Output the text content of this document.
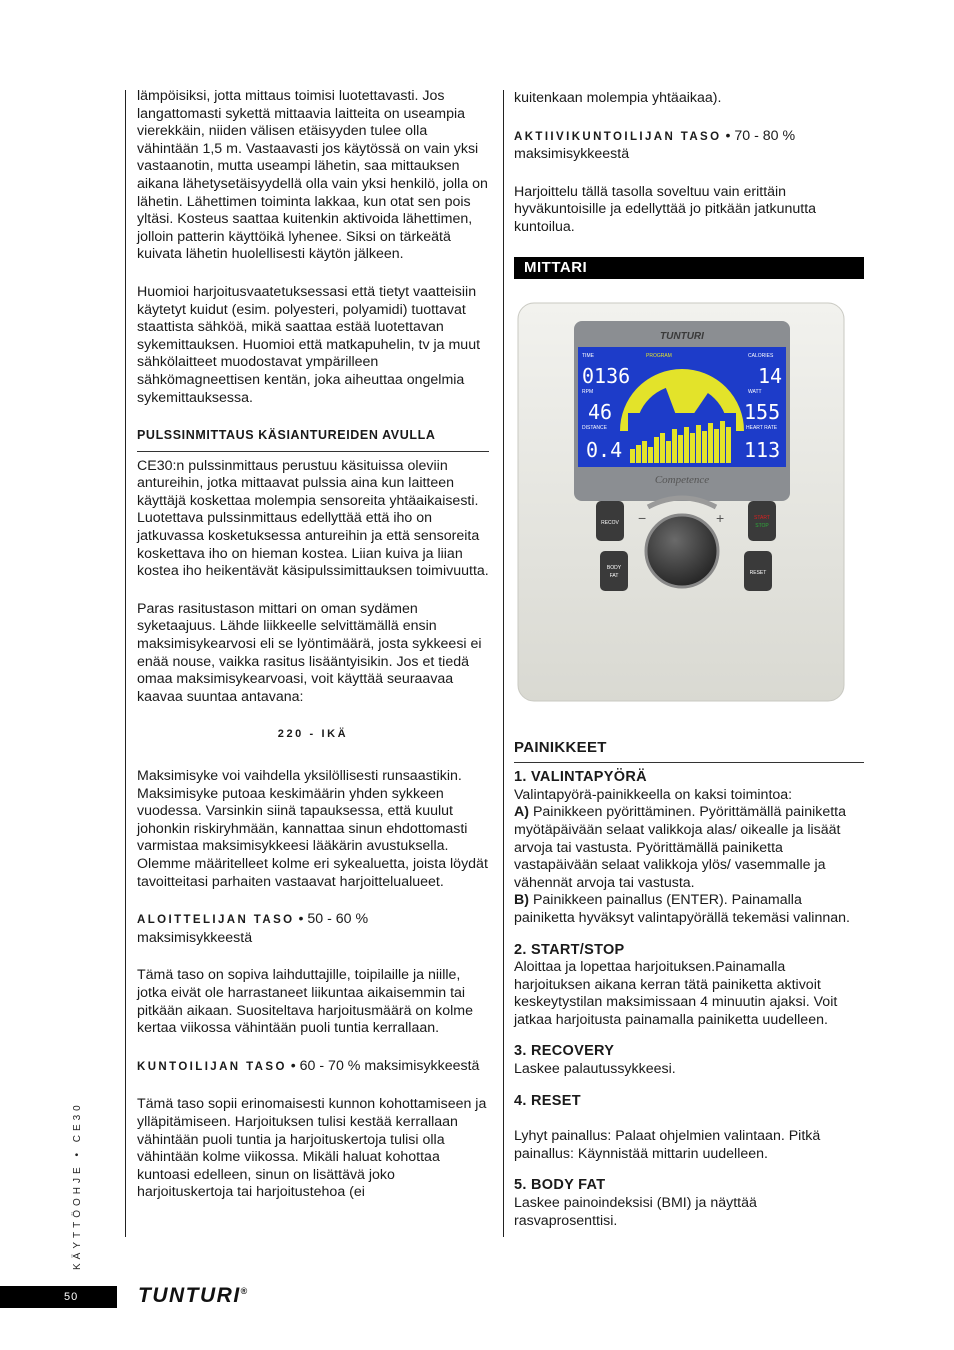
lämpöisiksi, jotta mittaus toimisi luotettavasti. Jos langattomasti sykettä mittaavia laitteita on useampia vierekkäin, niiden välisen etäisyyden tulee olla vähintään 1,5 m. Vastaavasti jos käytössä on vain yksi vastaanotin, mutta useampi lähetin, saa mittauksen aikana lähetysetäisyydellä olla vain yksi henkilö, jolla on lähetin. Lähettimen toiminta lakkaa, kun otat sen pois yltäsi. Kosteus saattaa kuitenkin aktivoida lähettimen, jolloin patterin käyttöikä lyhenee. Siksi on tärkeätä kuivata lähetin huolellisesti käytön jälkeen.

Huomioi harjoitusvaatetuksessasi että tietyt vaatteisiin käytetyt kuidut (esim. polyesteri, polyamidi) tuottavat staattista sähköä, mikä saattaa estää luotettavan sykemittauksen. Huomioi että matkapuhelin, tv ja muut sähkölaitteet muodostavat ympärilleen sähkömagneettisen kentän, joka aiheuttaa ongelmia sykemittauksessa.

PULSSINMITTAUS KÄSIANTUREIDEN AVULLA

CE30:n pulssinmittaus perustuu käsituissa oleviin antureihin, jotka mittaavat pulssia aina kun laitteen käyttäjä koskettaa molempia sensoreita yhtäaikaisesti. Luotettava pulssinmittaus edellyttää että iho on jatkuvassa kosketuksessa antureihin ja että sensoreita koskettava iho on hieman kostea. Liian kuiva ja liian kostea iho heikentävät käsipulssimittauksen toimivuutta.

Paras rasitustason mittari on oman sydämen syketaajuus. Lähde liikkeelle selvittämällä ensin maksimisykearvosi eli se lyöntimäärä, josta sykkeesi ei enää nouse, vaikka rasitus lisääntyisikin. Jos et tiedä omaa maksimisykearvoasi, voit käyttää seuraavaa kaavaa suuntaa antavana:

220 - IKÄ

Maksimisyke voi vaihdella yksilöllisesti runsaastikin. Maksimisyke putoaa keskimäärin yhden sykkeen vuodessa. Varsinkin siinä tapauksessa, että kuulut johonkin riskiryhmään, kannattaa sinun ehdottomasti varmistaa maksimisykkeesi lääkärin avustuksella. Olemme määritelleet kolme eri sykealuetta, joista löydät tavoitteitasi parhaiten vastaavat harjoittelualueet.

ALOITTELIJAN TASO • 50 - 60 %
maksimisykkeestä

Tämä taso on sopiva laihduttajille, toipilaille ja niille, jotka eivät ole harrastaneet liikuntaa aikaisemmin tai pitkään aikaan. Suositeltava harjoitusmäärä on kolme kertaa viikossa vähintään puoli tuntia kerrallaan.

KUNTOILIJAN TASO • 60 - 70 % maksimisykkeestä

Tämä taso sopii erinomaisesti kunnon kohottamiseen ja ylläpitämiseen. Harjoituksen tulisi kestää kerrallaan vähintään puoli tuntia ja harjoituskertoja tulisi olla vähintään kolme viikossa. Mikäli haluat kohottaa kuntoasi edelleen, sinun on lisättävä joko harjoituskertoja tai harjoitustehoa (ei

kuitenkaan molempia yhtäaikaa).

AKTIIVIKUNTOILIJAN TASO • 70 - 80 %
maksimisykkeestä

Harjoittelu tällä tasolla soveltuu vain erittäin hyväkuntoisille ja edellyttää jo pitkään jatkunutta kuntoilua.

MITTARI
TUNTURI
TIME
0136
PROGRAM	CALORIES
14
RPM
46
WATT
155
DISTANCE
0.4
HEART RATE
113
Competence
RECOV
BODY
FAT
START
STOP
RESET
−	+
PAINIKKEET
1. VALINTAPYÖRÄ
Valintapyörä-painikkeella on kaksi toimintoa:
A) Painikkeen pyörittäminen. Pyörittämällä painiketta myötäpäivään selaat valikkoja alas/ oikealle ja lisäät arvoja tai vastusta. Pyörittämällä painiketta vastapäivään selaat valikkoja ylös/ vasemmalle ja vähennät arvoja tai vastusta.
B) Painikkeen painallus (ENTER). Painamalla painiketta hyväksyt valintapyörällä tekemäsi valinnan.
2. START/STOP
Aloittaa ja lopettaa harjoituksen.Painamalla harjoituksen aikana kerran tätä painiketta aktivoit keskeytystilan maksimissaan 4 minuutin ajaksi. Voit jatkaa harjoitusta painamalla painiketta uudelleen.
3. RECOVERY
Laskee palautussykkeesi.
4. RESET
Lyhyt painallus: Palaat ohjelmien valintaan. Pitkä painallus: Käynnistää mittarin uudelleen.
5. BODY FAT
Laskee painoindeksisi (BMI) ja näyttää rasvaprosenttisi.
KÄYTTÖOHJE • CE30
50	TUNTURI®
